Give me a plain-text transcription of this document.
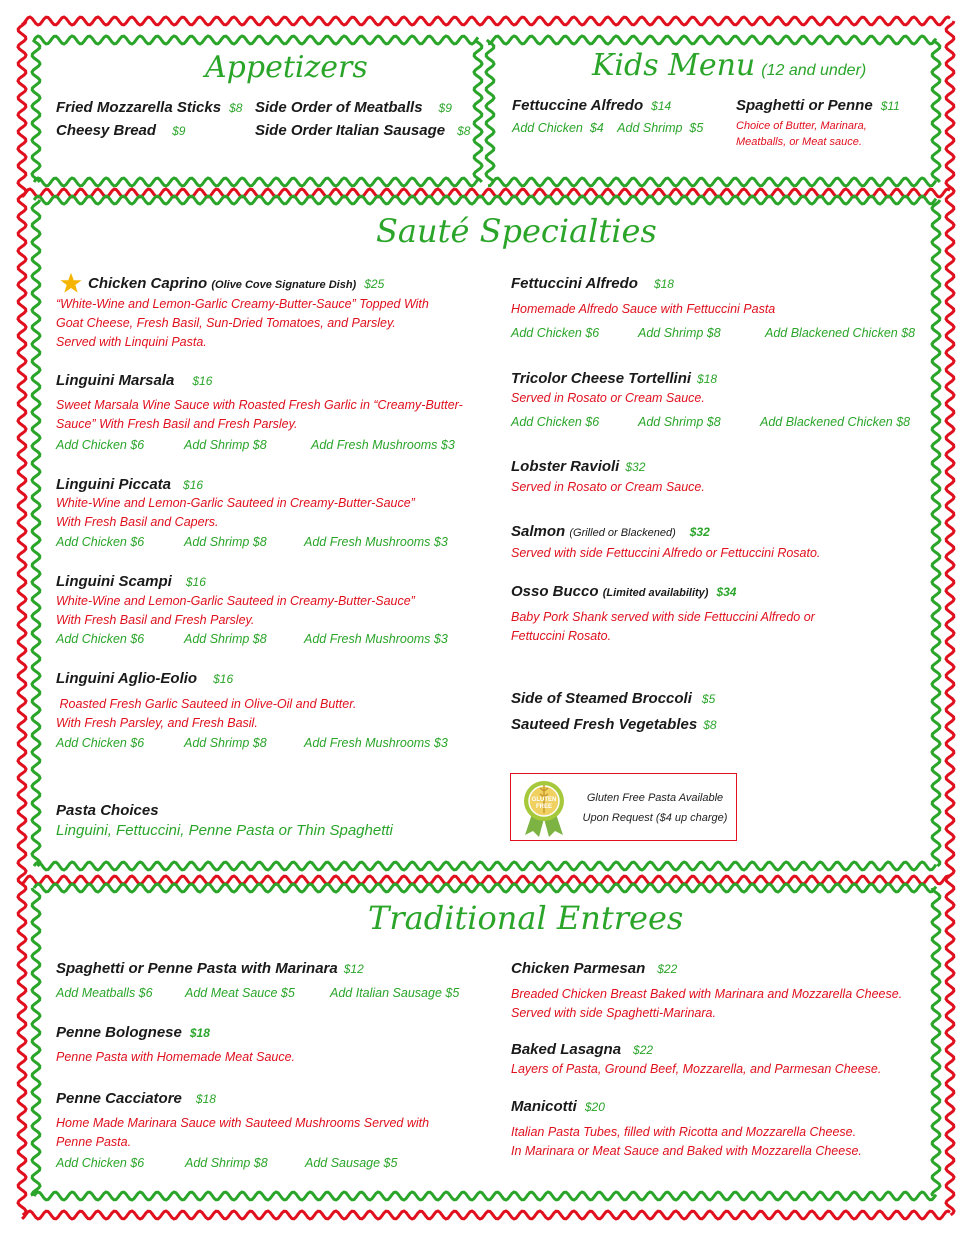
Appetizers
Fried Mozzarella Sticks $8 Side Order of Meatballs $9
Cheesy Bread $9	Side Order Italian Sausage $8
Kids Menu (12 and under)
Fettuccine Alfredo $14
Add Chicken  $4    Add Shrimp  $5
Spaghetti or Penne $11
Choice of Butter, Marinara,
Meatballs, or Meat sauce.
Sauté Specialties
Chicken Caprino (Olive Cove Signature Dish) $25
“White-Wine and Lemon-Garlic Creamy-Butter-Sauce” Topped With
Goat Cheese, Fresh Basil, Sun-Dried Tomatoes, and Parsley.
Served with Linquini Pasta.
Linguini Marsala $16
Sweet Marsala Wine Sauce with Roasted Fresh Garlic in “Creamy-Butter-
Sauce” With Fresh Basil and Fresh Parsley.
Add Chicken $6	Add Shrimp $8	Add Fresh Mushrooms $3
Linguini Piccata $16
White-Wine and Lemon-Garlic Sauteed in Creamy-Butter-Sauce”
With Fresh Basil and Capers.
Add Chicken $6	Add Shrimp $8	Add Fresh Mushrooms $3
Linguini Scampi $16
White-Wine and Lemon-Garlic Sauteed in Creamy-Butter-Sauce”
With Fresh Basil and Fresh Parsley.
Add Chicken $6	Add Shrimp $8	Add Fresh Mushrooms $3
Linguini Aglio-Eolio $16
Roasted Fresh Garlic Sauteed in Olive-Oil and Butter.
With Fresh Parsley, and Fresh Basil.
Add Chicken $6	Add Shrimp $8	Add Fresh Mushrooms $3
Pasta Choices
Linguini, Fettuccini, Penne Pasta or Thin Spaghetti
Fettuccini Alfredo $18
Homemade Alfredo Sauce with Fettuccini Pasta
Add Chicken $6	Add Shrimp $8	Add Blackened Chicken $8
Tricolor Cheese Tortellini $18
Served in Rosato or Cream Sauce.
Add Chicken $6	Add Shrimp $8	Add Blackened Chicken $8
Lobster Ravioli $32
Served in Rosato or Cream Sauce.
Salmon (Grilled or Blackened) $32
Served with side Fettuccini Alfredo or Fettuccini Rosato.
Osso Bucco (Limited availability) $34
Baby Pork Shank served with side Fettuccini Alfredo or
Fettuccini Rosato.
Side of Steamed Broccoli $5
Sauteed Fresh Vegetables $8
GLUTEN
FREE
Gluten Free Pasta Available
Upon Request ($4 up charge)
Traditional Entrees
Spaghetti or Penne Pasta with Marinara $12
Add Meatballs $6	Add Meat Sauce $5	Add Italian Sausage $5
Penne Bolognese $18
Penne Pasta with Homemade Meat Sauce.
Penne Cacciatore $18
Home Made Marinara Sauce with Sauteed Mushrooms Served with
Penne Pasta.
Add Chicken $6	Add Shrimp $8	Add Sausage $5
Chicken Parmesan $22
Breaded Chicken Breast Baked with Marinara and Mozzarella Cheese.
Served with side Spaghetti-Marinara.
Baked Lasagna $22
Layers of Pasta, Ground Beef, Mozzarella, and Parmesan Cheese.
Manicotti $20
Italian Pasta Tubes, filled with Ricotta and Mozzarella Cheese.
In Marinara or Meat Sauce and Baked with Mozzarella Cheese.
